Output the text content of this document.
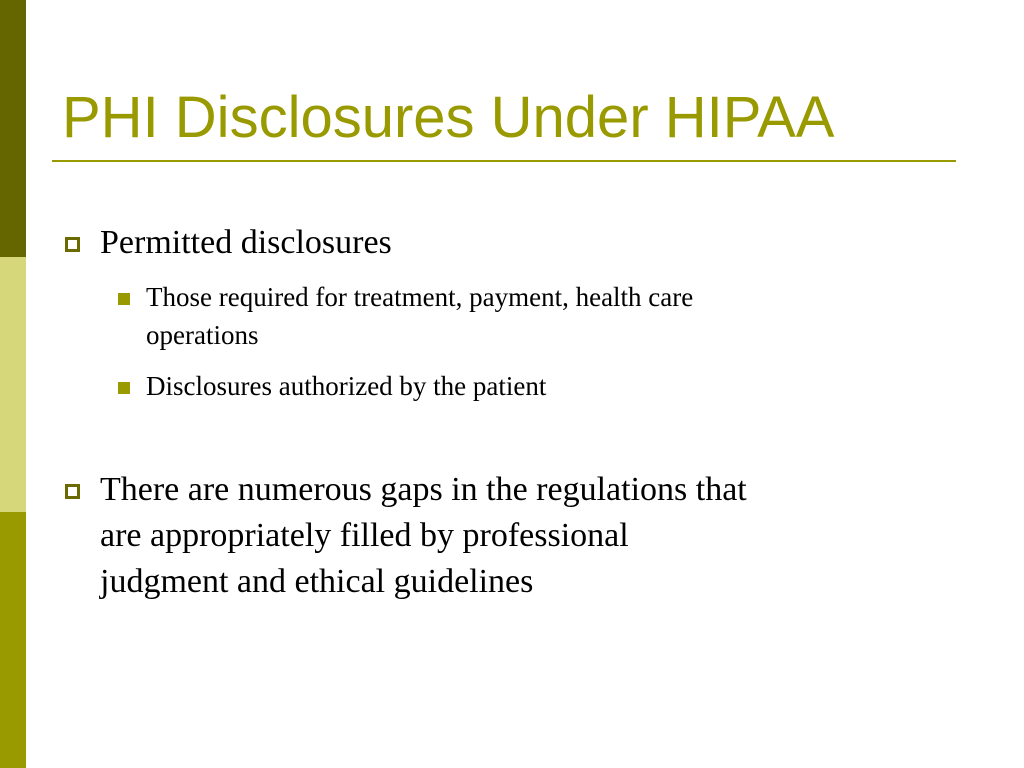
PHI Disclosures Under HIPAA
Permitted disclosures
Those required for treatment, payment, health care
operations
Disclosures authorized by the patient
There are numerous gaps in the regulations that
are appropriately filled by professional
judgment and ethical guidelines
